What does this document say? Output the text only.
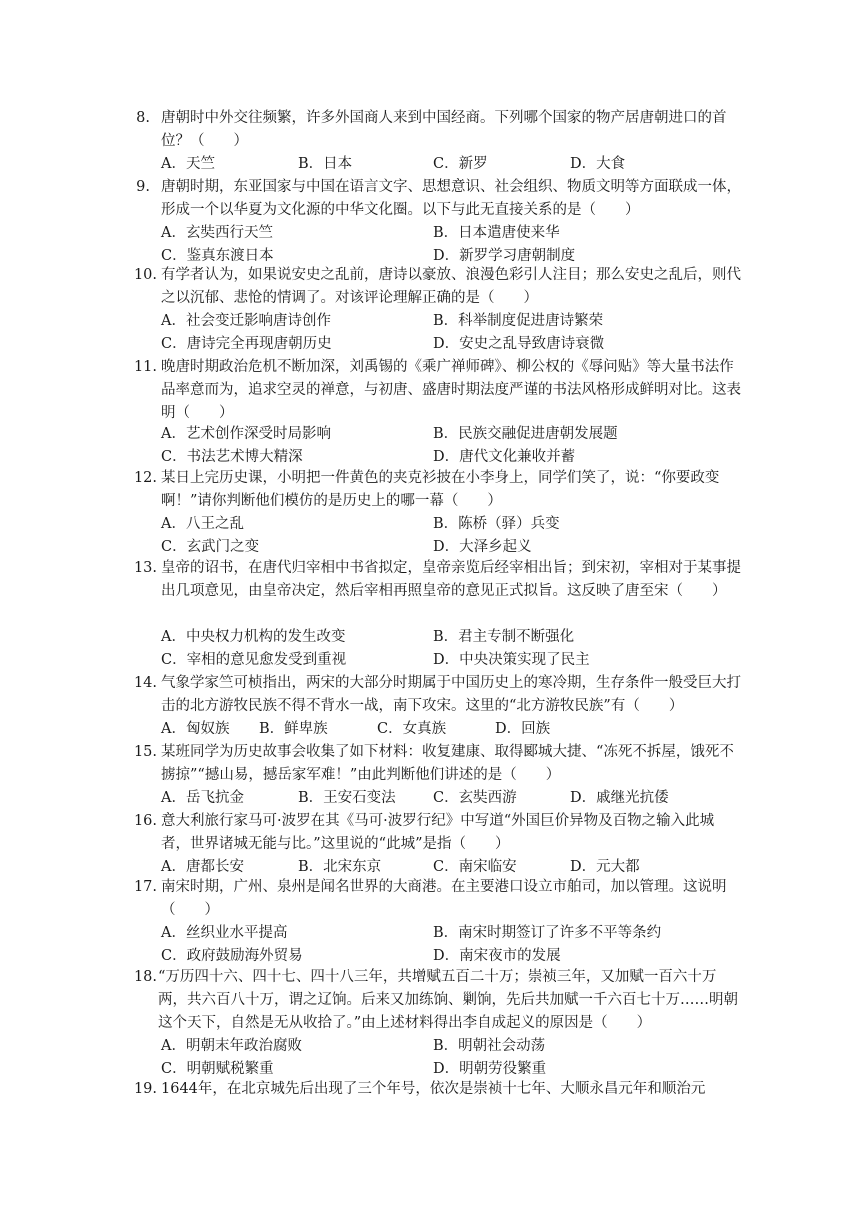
8. 唐朝时中外交往频繁，许多外国商人来到中国经商。下列哪个国家的物产居唐朝进口的首位？（　　）
A．天竺	B．日本	C．新罗	D．大食
9. 唐朝时期，东亚国家与中国在语言文字、思想意识、社会组织、物质文明等方面联成一体，形成一个以华夏为文化源的中华文化圈。以下与此无直接关系的是（　　）
A．玄奘西行天竺	B．日本遣唐使来华
C．鉴真东渡日本	D．新罗学习唐朝制度
10. 有学者认为，如果说安史之乱前，唐诗以豪放、浪漫色彩引人注目；那么安史之乱后，则代之以沉郁、悲怆的情调了。对该评论理解正确的是（　　）
A．社会变迁影响唐诗创作	B．科举制度促进唐诗繁荣
C．唐诗完全再现唐朝历史	D．安史之乱导致唐诗衰微
11. 晚唐时期政治危机不断加深，刘禹锡的《乘广禅师碑》、柳公权的《辱问贴》等大量书法作品率意而为，追求空灵的禅意，与初唐、盛唐时期法度严谨的书法风格形成鲜明对比。这表明（　　）
A．艺术创作深受时局影响	B．民族交融促进唐朝发展题
C．书法艺术博大精深	D．唐代文化兼收并蓄
12. 某日上完历史课，小明把一件黄色的夹克衫披在小李身上，同学们笑了，说：“你要政变啊！”请你判断他们模仿的是历史上的哪一幕（　　）
A．八王之乱	B．陈桥（驿）兵变
C．玄武门之变	D．大泽乡起义
13. 皇帝的诏书，在唐代归宰相中书省拟定，皇帝亲览后经宰相出旨；到宋初，宰相对于某事提出几项意见，由皇帝决定，然后宰相再照皇帝的意见正式拟旨。这反映了唐至宋（　　）
A．中央权力机构的发生改变	B．君主专制不断强化
C．宰相的意见愈发受到重视	D．中央决策实现了民主
14. 气象学家竺可桢指出，两宋的大部分时期属于中国历史上的寒冷期，生存条件一般受巨大打击的北方游牧民族不得不背水一战，南下攻宋。这里的“北方游牧民族”有（　　）
A．匈奴族 B．鲜卑族	C．女真族	D．回族
15. 某班同学为历史故事会收集了如下材料：收复建康、取得郾城大捷、“冻死不拆屋，饿死不掳掠”“撼山易，撼岳家军难！”由此判断他们讲述的是（　　）
A．岳飞抗金	B．王安石变法	C．玄奘西游	D．戚继光抗倭
16. 意大利旅行家马可·波罗在其《马可·波罗行纪》中写道“外国巨价异物及百物之输入此城者，世界诸城无能与比。”这里说的“此城”是指（　　）
A．唐都长安	B．北宋东京	C．南宋临安	D．元大都
17. 南宋时期，广州、泉州是闻名世界的大商港。在主要港口设立市舶司，加以管理。这说明（　　）
A．丝织业水平提高	B．南宋时期签订了许多不平等条约
C．政府鼓励海外贸易	D．南宋夜市的发展
18. “万历四十六、四十七、四十八三年，共增赋五百二十万；崇祯三年，又加赋一百六十万两，共六百八十万，谓之辽饷。后来又加练饷、剿饷，先后共加赋一千六百七十万……明朝这个天下，自然是无从收拾了。”由上述材料得出李自成起义的原因是（　　）
A．明朝末年政治腐败	B．明朝社会动荡
C．明朝赋税繁重	D．明朝劳役繁重
19. 1644年，在北京城先后出现了三个年号，依次是崇祯十七年、大顺永昌元年和顺治元
